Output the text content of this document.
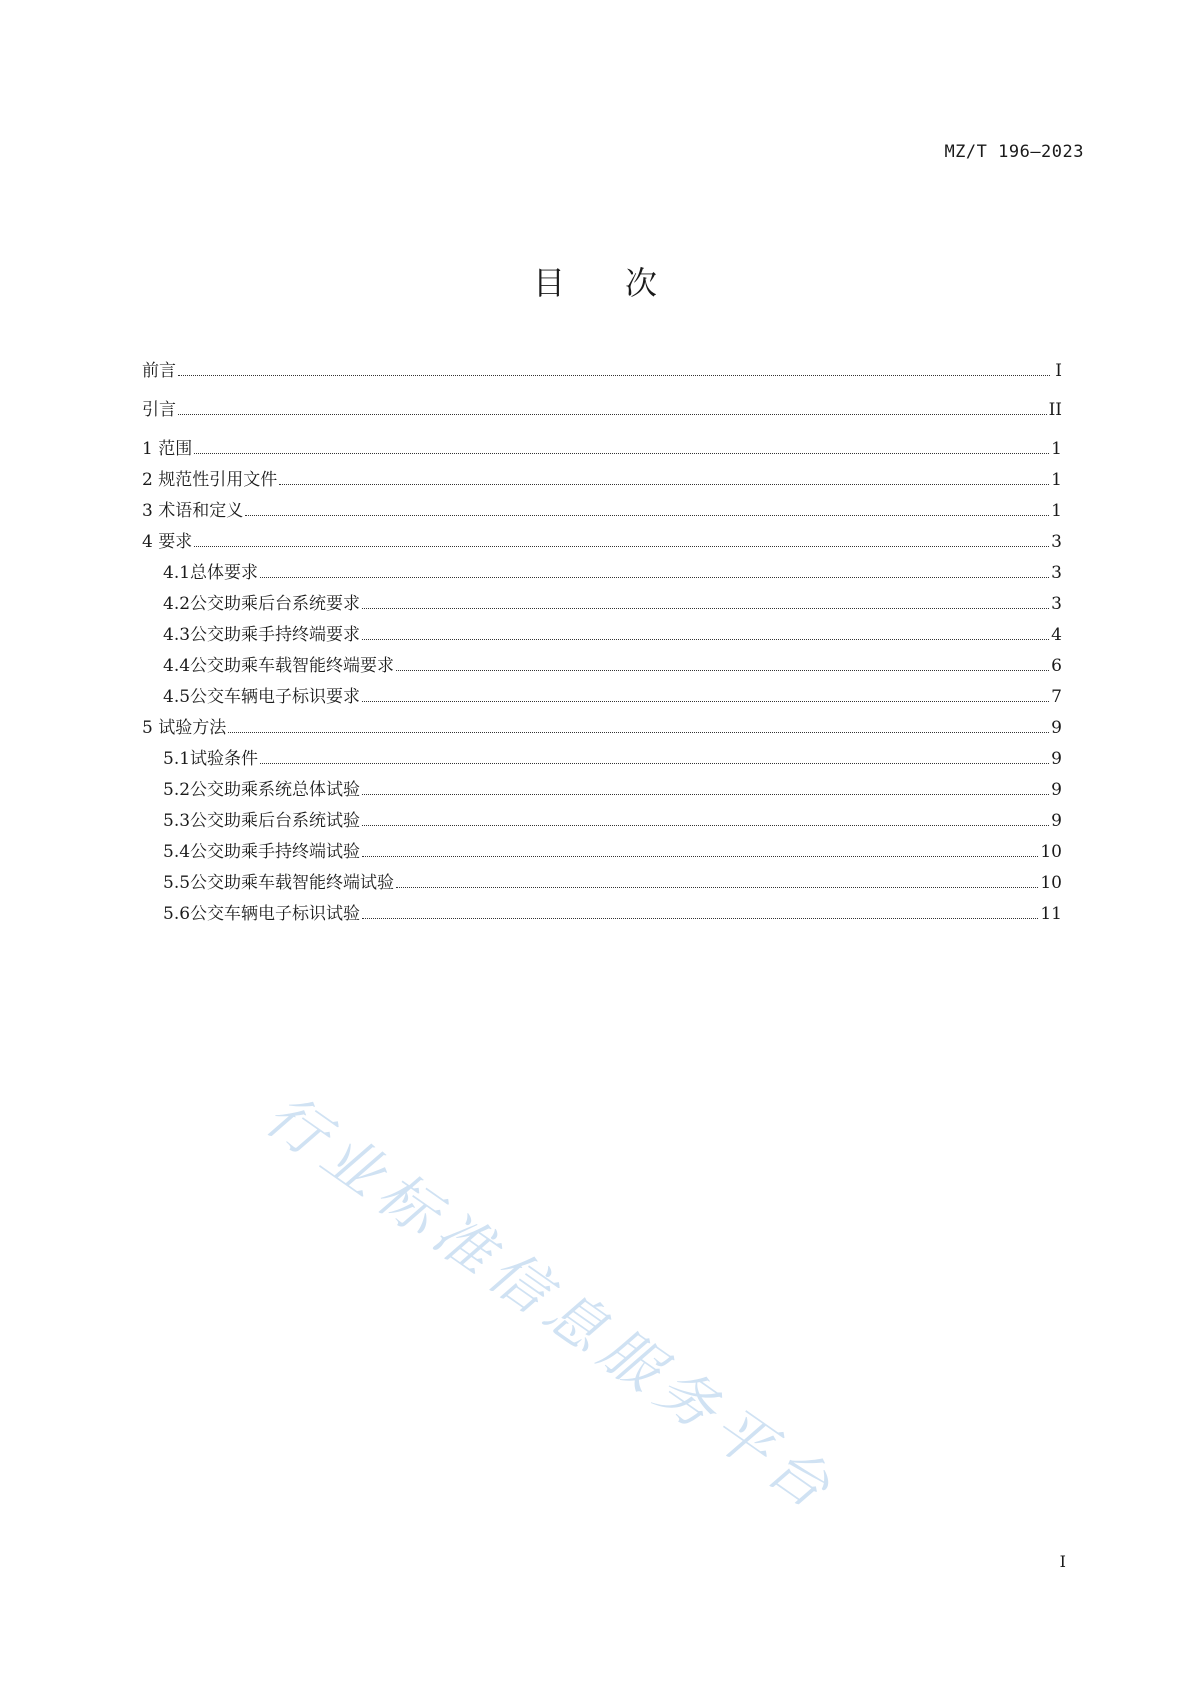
MZ/T 196—2023
目次
前言	I
引言	II
1 范围	1
2 规范性引用文件	1
3 术语和定义	1
4 要求	3
4.1 总体要求	3
4.2 公交助乘后台系统要求	3
4.3 公交助乘手持终端要求	4
4.4 公交助乘车载智能终端要求	6
4.5 公交车辆电子标识要求	7
5 试验方法	9
5.1 试验条件	9
5.2 公交助乘系统总体试验	9
5.3 公交助乘后台系统试验	9
5.4 公交助乘手持终端试验	10
5.5 公交助乘车载智能终端试验	10
5.6 公交车辆电子标识试验	11
行业标准信息服务平台
I
